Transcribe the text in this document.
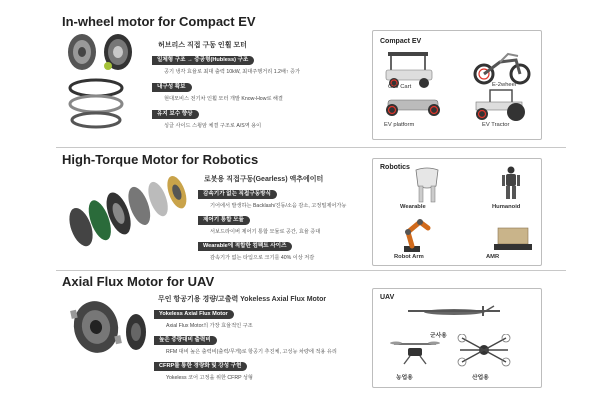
In-wheel motor for Compact EV
허브리스 직접 구동 인휠 모터
일체형 구조 → 중공형(Hubless) 구조
공기 냉각 효율로 최대 출력 10kW, 최대주행거리 1.2배↑ 증가
내구성 확보
현대모비스 전기차 인휠 모터 개발 Know-How로 해결
유지 보수 향상
싱글 사이드 스윙암 체결 구조로 A/S역 용이
Compact EV
Golf Cart	E-2wheel
EV platform	EV Tractor
High-Torque Motor for Robotics
로봇용 직접구동(Gearless) 액추에이터
감속기가 없는 직접구동방식
기어에서 발생하는 Backlash/진동/소음 감소, 고정밀제어가능
제어기 통합 모듈
서보드라이버 제어기 통합 모듈로 공간, 효율 증대
Wearable에 적합한 컴팩트 사이즈
감속기가 없는 타입으로 크기를 40% 이상 저감
Robotics
Wearable	Humanoid
Robot Arm	AMR
Axial Flux Motor for UAV
무인 항공기용 경량/고출력 Yokeless Axial Flux Motor
Yokeless Axial Flux Motor
Axial Flux Motor의 가장 효율적인 구조
높은 중량대비 출력비
RFM 대비 높은 출력비(출력/무게)로 항공기 추진체, 고성능 차량에 적용 유리
CFRP를 통한 경량화 및 강성 구현
Yokeless 코어 고정을 위한 CFRP 성형
UAV
군사용
농업용	산업용
